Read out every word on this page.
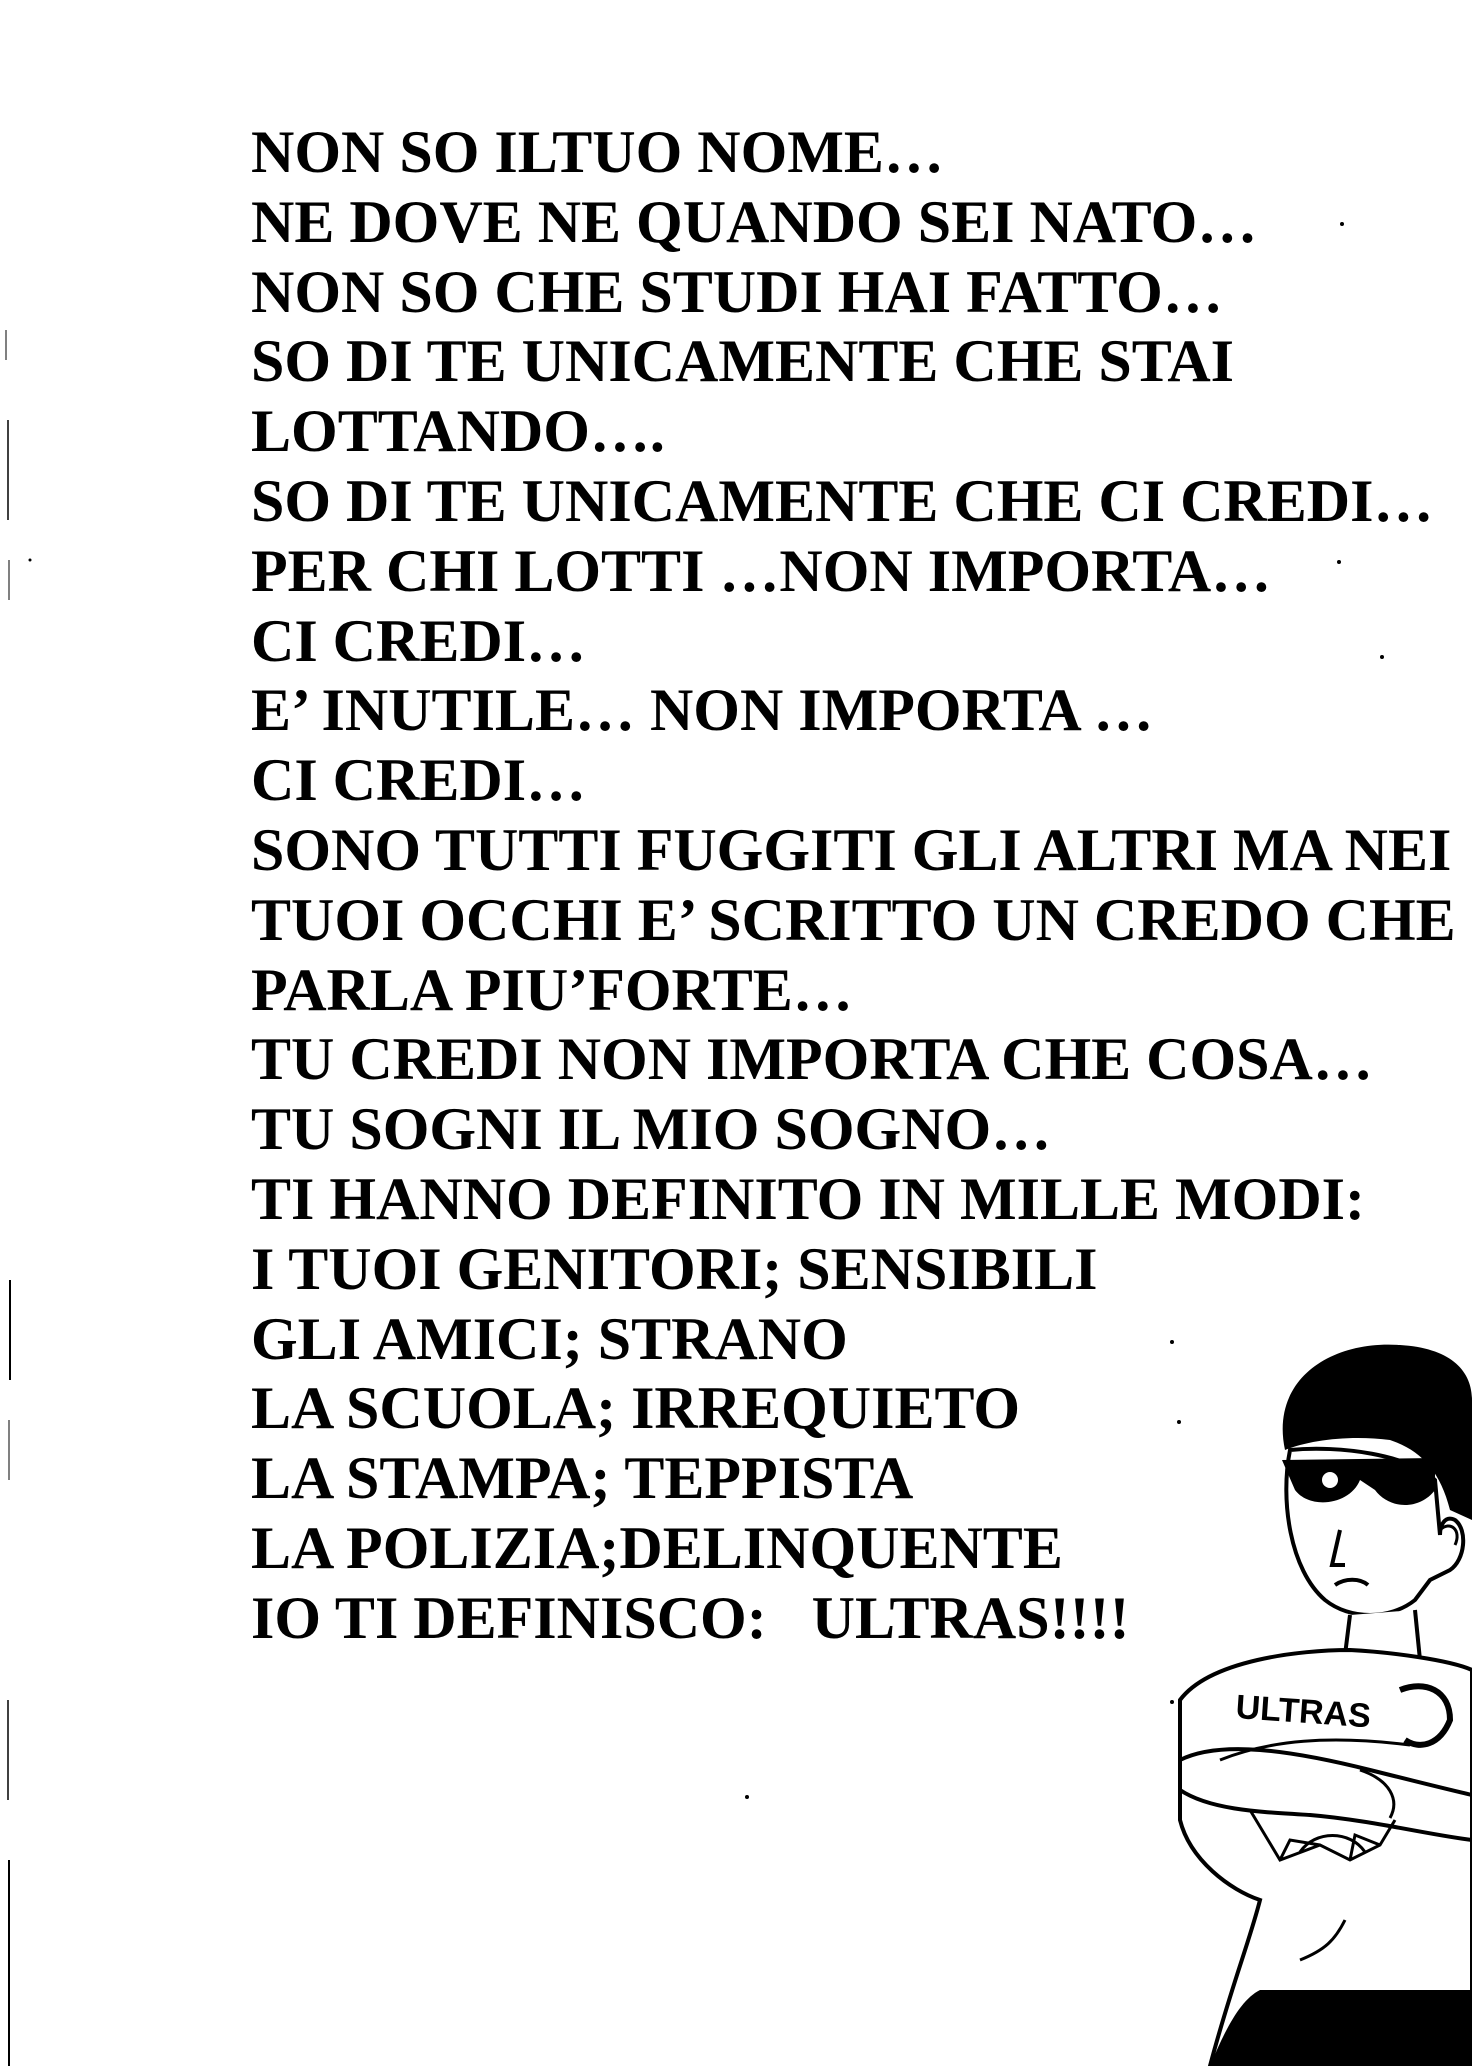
NON SO ILTUO NOME…
NE DOVE NE QUANDO SEI NATO…
NON SO CHE STUDI HAI FATTO…
SO DI TE UNICAMENTE CHE STAI
LOTTANDO….
SO DI TE UNICAMENTE CHE CI CREDI…
PER CHI LOTTI …NON IMPORTA…
CI CREDI…
E’ INUTILE… NON IMPORTA …
CI CREDI…
SONO TUTTI FUGGITI GLI ALTRI MA NEI
TUOI OCCHI E’ SCRITTO UN CREDO CHE
PARLA PIU’FORTE…
TU CREDI NON IMPORTA CHE COSA…
TU SOGNI IL MIO SOGNO…
TI HANNO DEFINITO IN MILLE MODI:
I TUOI GENITORI; SENSIBILI
GLI AMICI; STRANO
LA SCUOLA; IRREQUIETO
LA STAMPA; TEPPISTA
LA POLIZIA;DELINQUENTE
IO TI DEFINISCO:   ULTRAS!!!!
ULTRAS
